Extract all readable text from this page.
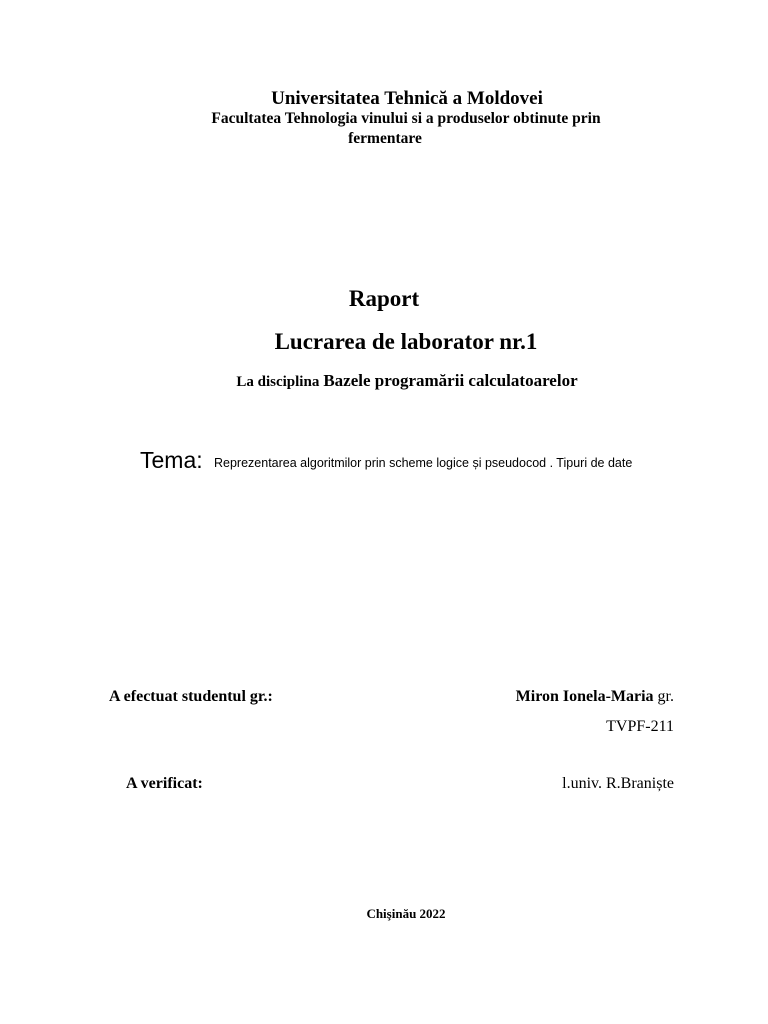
Universitatea Tehnică a Moldovei
Facultatea Tehnologia vinului si a produselor obtinute prin
fermentare
Raport
Lucrarea de laborator nr.1
La disciplina Bazele programării calculatoarelor
Tema: Reprezentarea algoritmilor prin scheme logice și pseudocod . Tipuri de date
A efectuat studentul gr.:	Miron Ionela-Maria gr.
TVPF-211
A verificat:	l.univ. R.Braniște
Chişinău 2022
